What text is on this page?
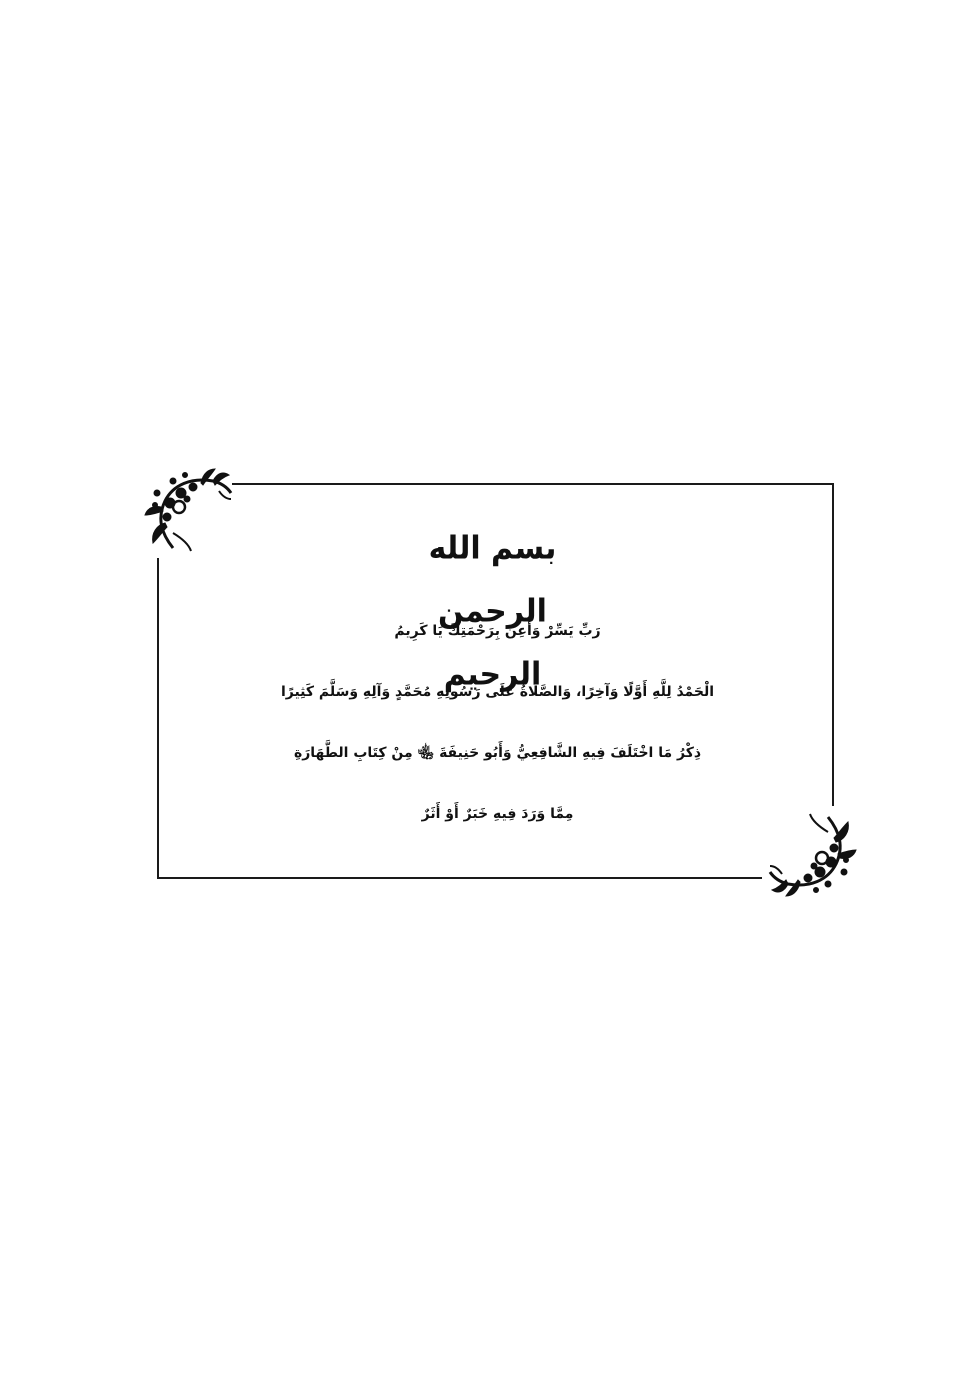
بسم الله الرحمن الرحيم
رَبِّ يَسِّرْ وَأَعِنْ بِرَحْمَتِكَ يَا كَرِيمُ
الْحَمْدُ لِلَّهِ أَوَّلًا وَآخِرًا، وَالصَّلَاةُ عَلَى رَسُولِهِ مُحَمَّدٍ وَآلِهِ وَسَلَّمَ كَثِيرًا
ذِكْرُ مَا اخْتَلَفَ فِيهِ الشَّافِعِيُّ وَأَبُو حَنِيفَةَ ﵄ مِنْ كِتَابِ الطَّهَارَةِ
مِمَّا وَرَدَ فِيهِ خَبَرٌ أَوْ أَثَرٌ
